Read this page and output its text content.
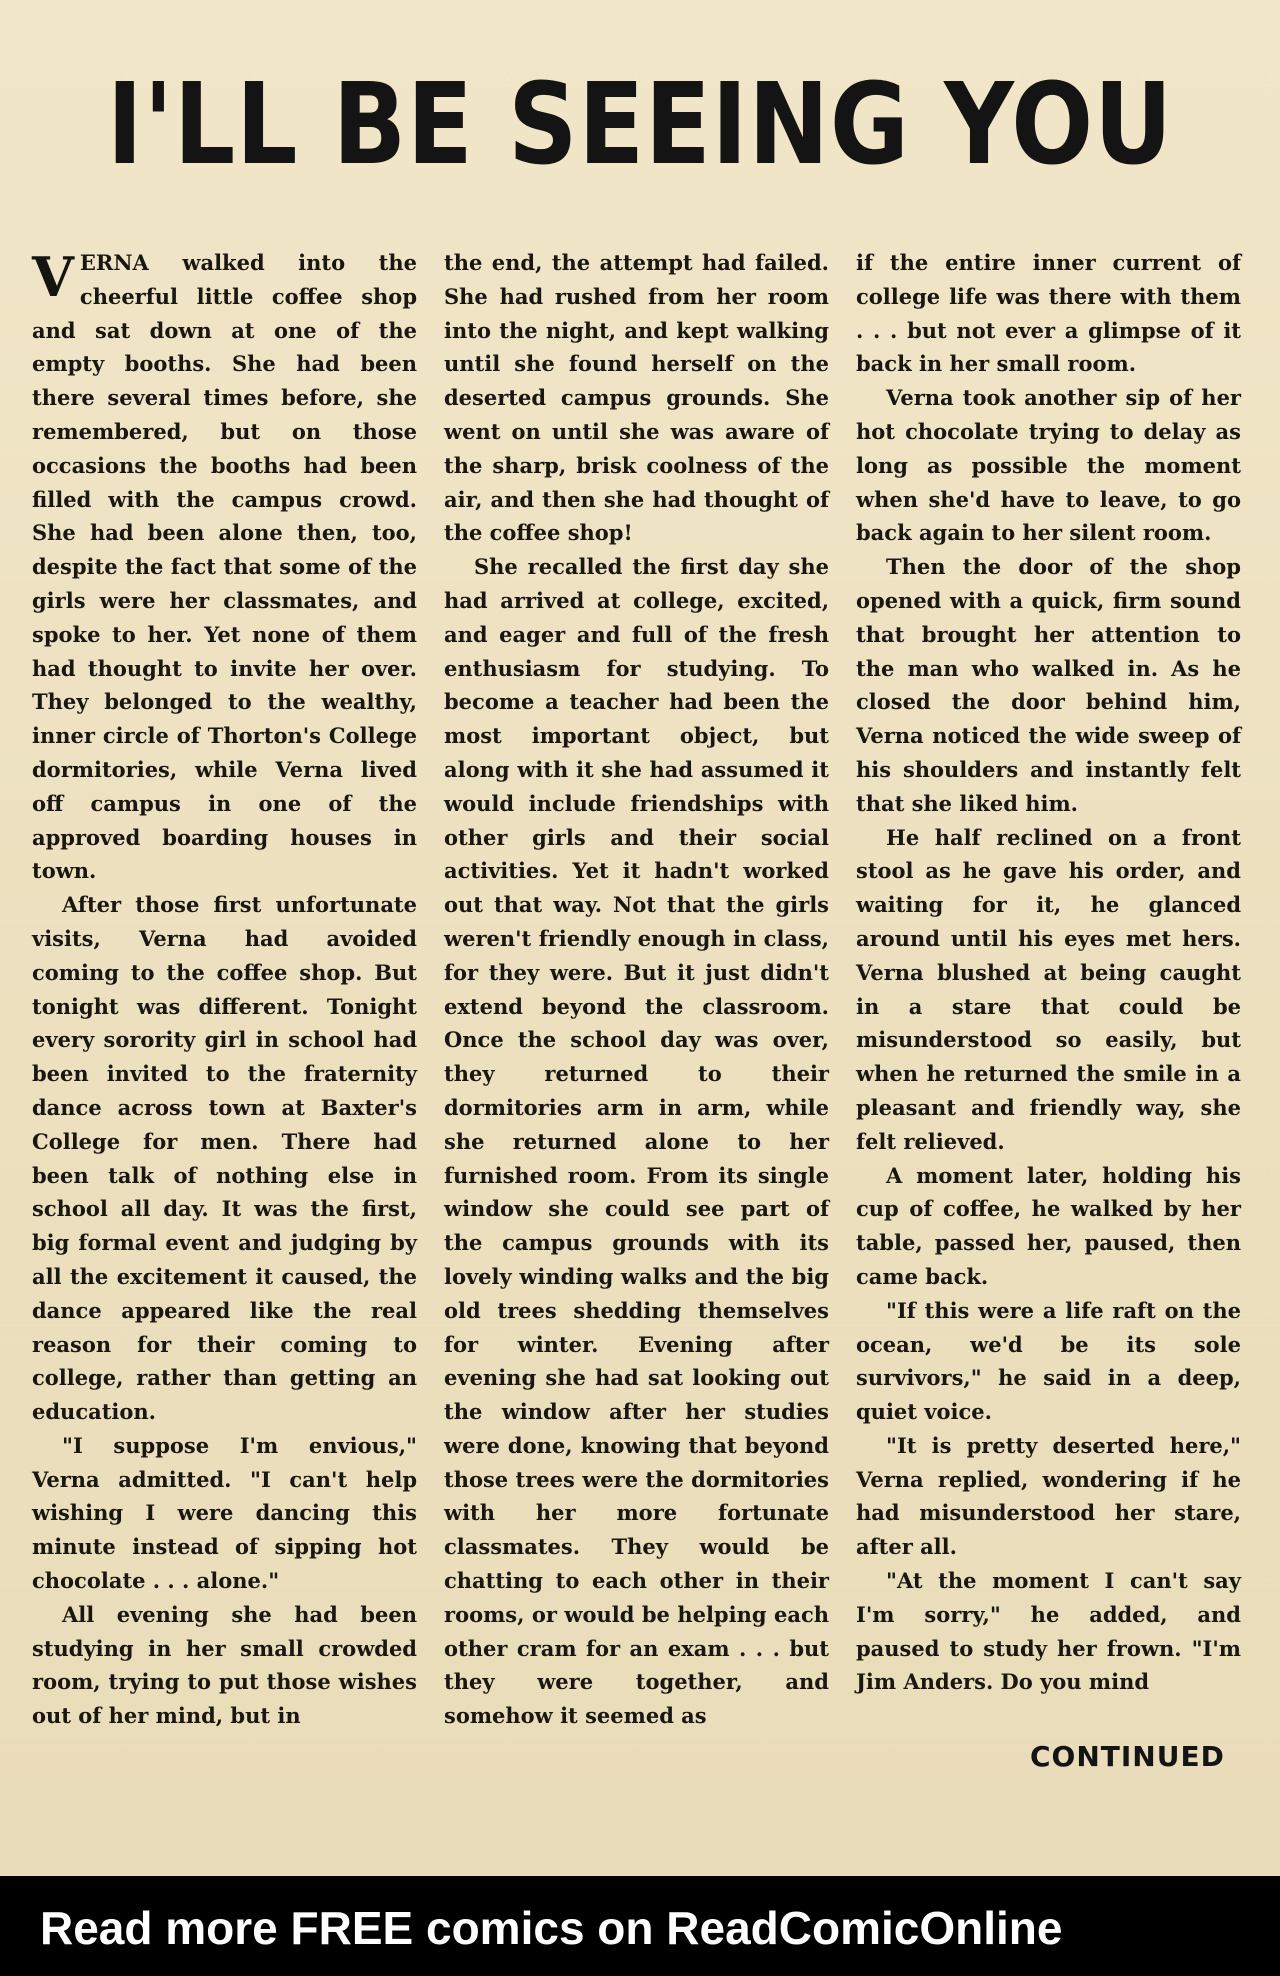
I'LL BE SEEING YOU

VERNA walked into the cheerful little coffee shop and sat down at one of the empty booths. She had been there several times before, she remembered, but on those occasions the booths had been filled with the campus crowd. She had been alone then, too, despite the fact that some of the girls were her classmates, and spoke to her. Yet none of them had thought to invite her over. They belonged to the wealthy, inner circle of Thorton's College dormitories, while Verna lived off campus in one of the approved boarding houses in town.

After those first unfortunate visits, Verna had avoided coming to the coffee shop. But tonight was different. Tonight every sorority girl in school had been invited to the fraternity dance across town at Baxter's College for men. There had been talk of nothing else in school all day. It was the first, big formal event and judging by all the excitement it caused, the dance appeared like the real reason for their coming to college, rather than getting an education.

"I suppose I'm envious," Verna admitted. "I can't help wishing I were dancing this minute instead of sipping hot chocolate . . . alone."

All evening she had been studying in her small crowded room, trying to put those wishes out of her mind, but in

the end, the attempt had failed. She had rushed from her room into the night, and kept walking until she found herself on the deserted campus grounds. She went on until she was aware of the sharp, brisk coolness of the air, and then she had thought of the coffee shop!

She recalled the first day she had arrived at college, excited, and eager and full of the fresh enthusiasm for studying. To become a teacher had been the most important object, but along with it she had assumed it would include friendships with other girls and their social activities. Yet it hadn't worked out that way. Not that the girls weren't friendly enough in class, for they were. But it just didn't extend beyond the classroom. Once the school day was over, they returned to their dormitories arm in arm, while she returned alone to her furnished room. From its single window she could see part of the campus grounds with its lovely winding walks and the big old trees shedding themselves for winter. Evening after evening she had sat looking out the window after her studies were done, knowing that beyond those trees were the dormitories with her more fortunate classmates. They would be chatting to each other in their rooms, or would be helping each other cram for an exam . . . but they were together, and somehow it seemed as

if the entire inner current of college life was there with them . . . but not ever a glimpse of it back in her small room.

Verna took another sip of her hot chocolate trying to delay as long as possible the moment when she'd have to leave, to go back again to her silent room.

Then the door of the shop opened with a quick, firm sound that brought her attention to the man who walked in. As he closed the door behind him, Verna noticed the wide sweep of his shoulders and instantly felt that she liked him.

He half reclined on a front stool as he gave his order, and waiting for it, he glanced around until his eyes met hers. Verna blushed at being caught in a stare that could be misunderstood so easily, but when he returned the smile in a pleasant and friendly way, she felt relieved.

A moment later, holding his cup of coffee, he walked by her table, passed her, paused, then came back.

"If this were a life raft on the ocean, we'd be its sole survivors," he said in a deep, quiet voice.

"It is pretty deserted here," Verna replied, wondering if he had misunderstood her stare, after all.

"At the moment I can't say I'm sorry," he added, and paused to study her frown. "I'm Jim Anders. Do you mind

CONTINUED
Read more FREE comics on ReadComicOnline
